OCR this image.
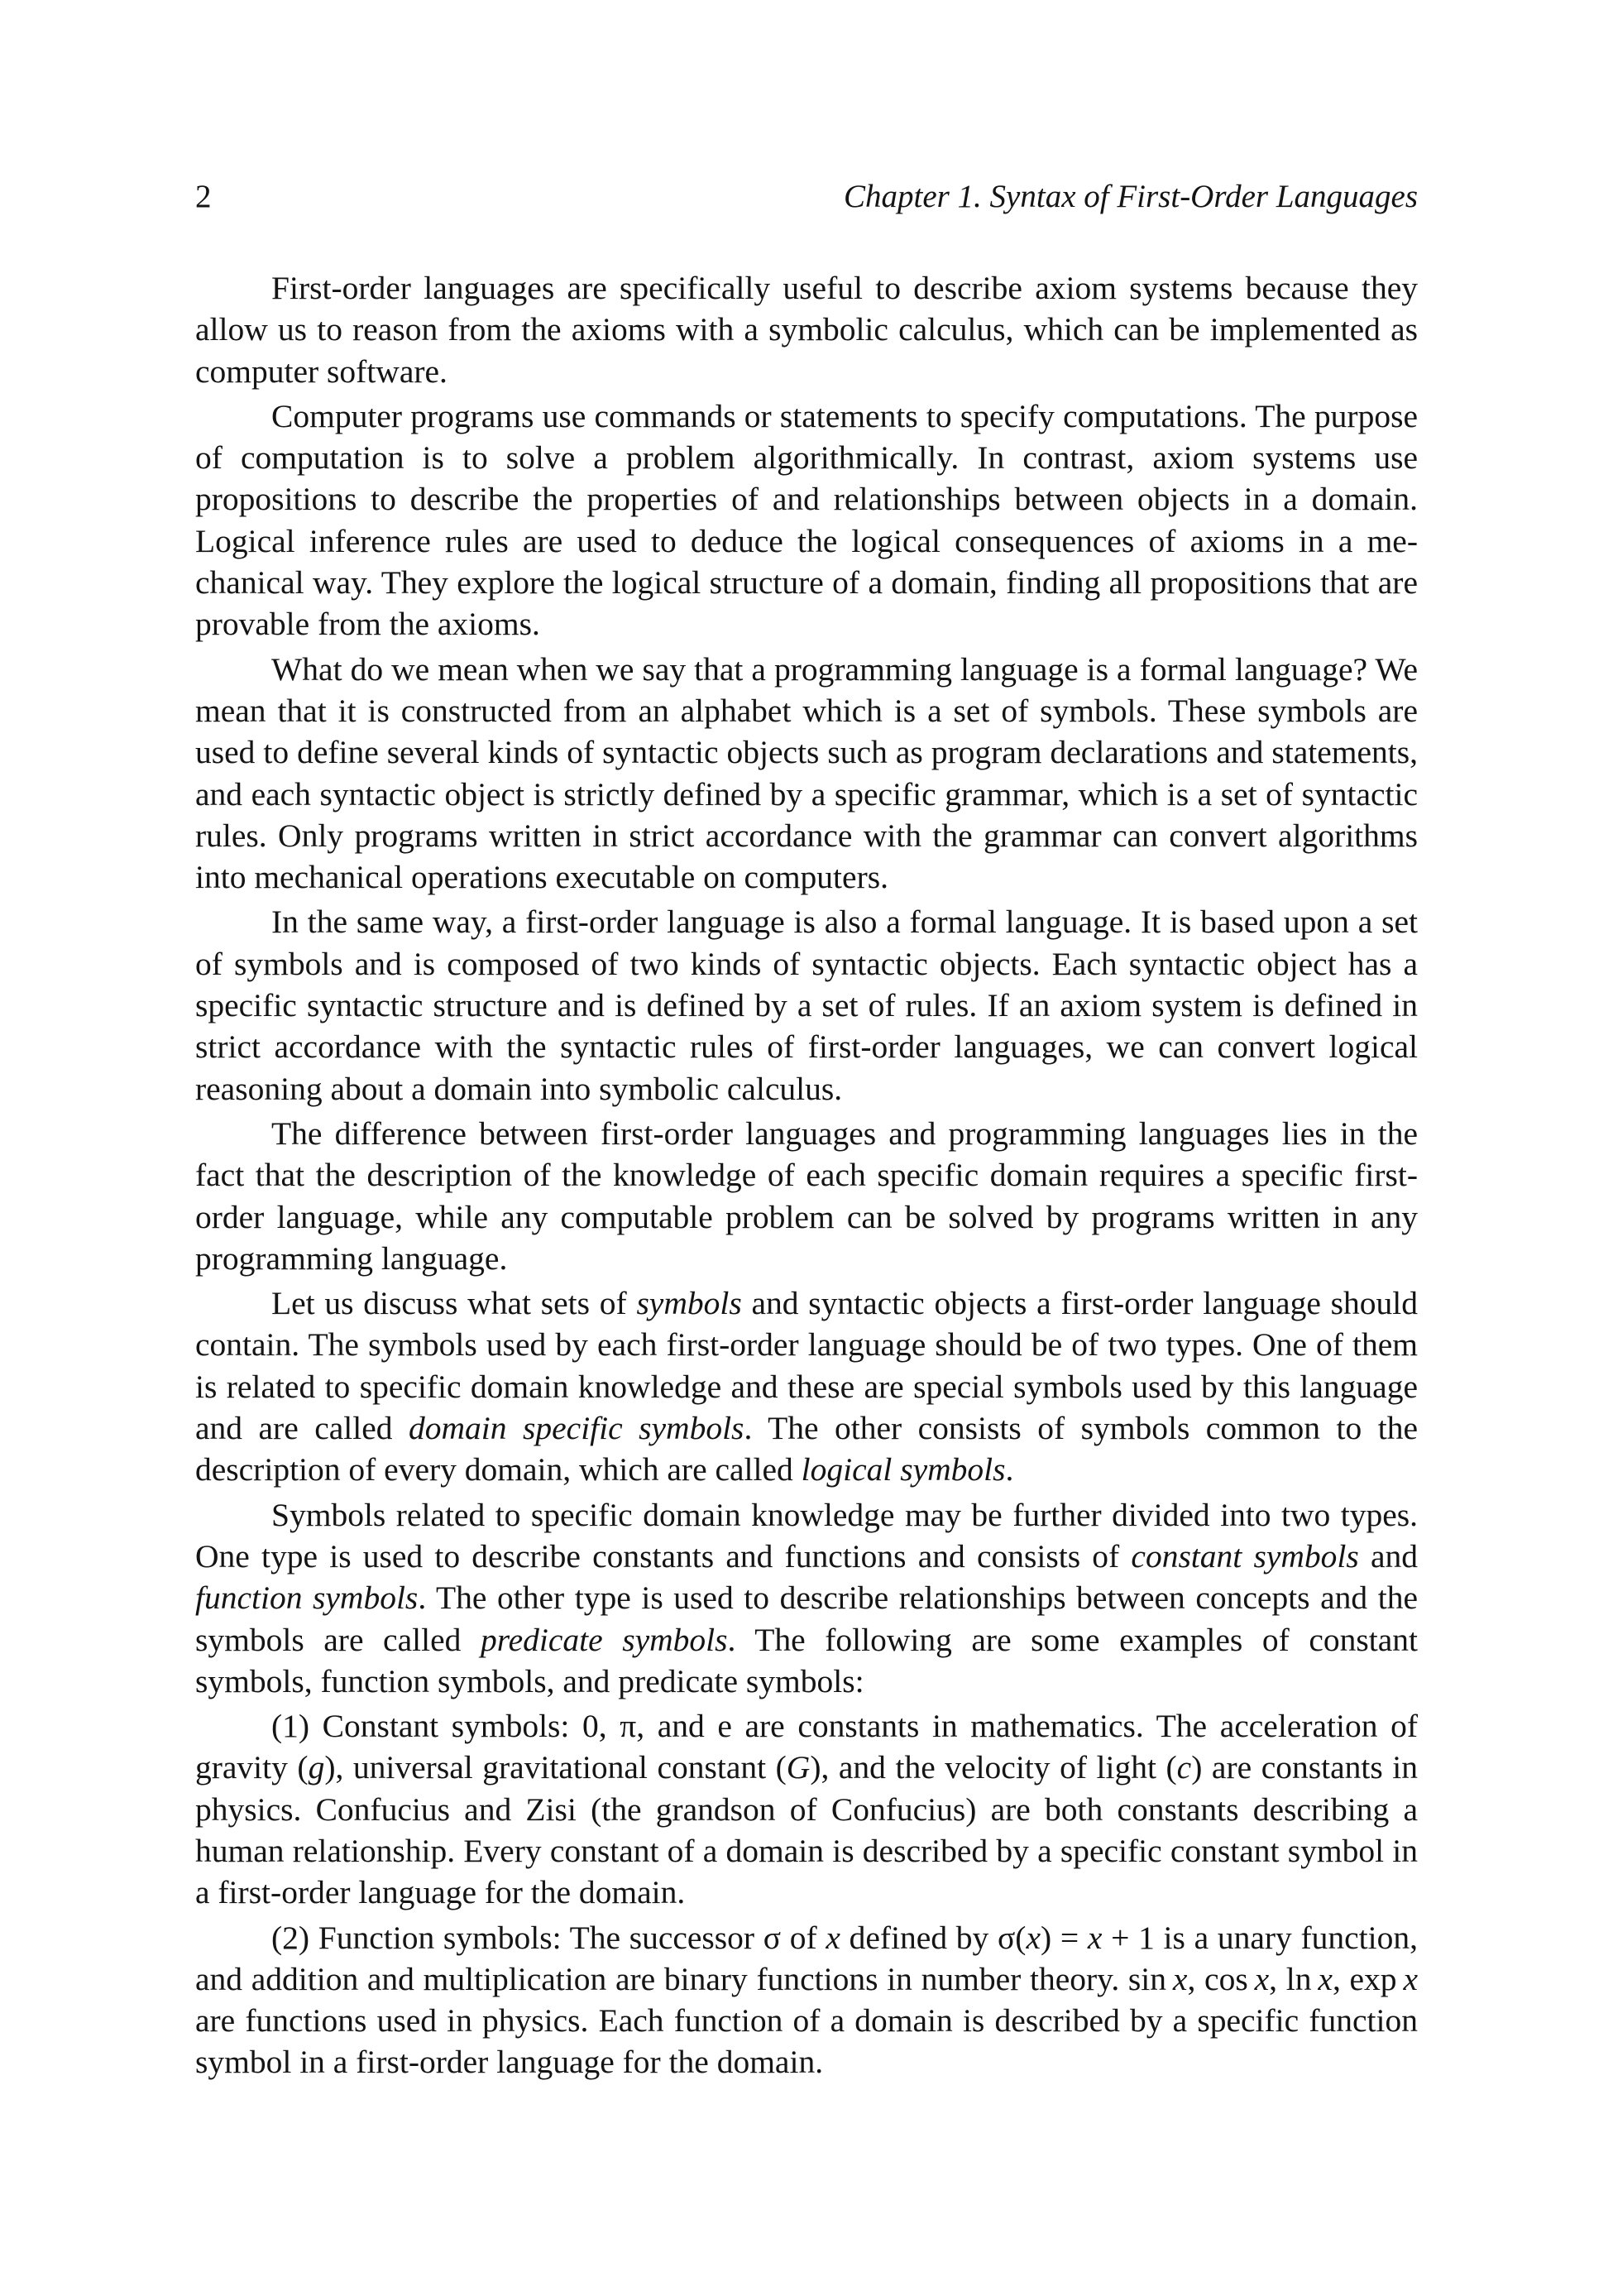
2	Chapter 1. Syntax of First-Order Languages

First-order languages are specifically useful to describe axiom systems because they allow us to reason from the axioms with a symbolic calculus, which can be implemented as computer software.

Computer programs use commands or statements to specify computations. The purpose of computation is to solve a problem algorithmically. In contrast, axiom systems use propositions to describe the properties of and relationships between objects in a domain. Logical inference rules are used to deduce the logical consequences of axioms in a mechanical way. They explore the logical structure of a domain, finding all propositions that are provable from the axioms.

What do we mean when we say that a programming language is a formal language? We mean that it is constructed from an alphabet which is a set of symbols. These symbols are used to define several kinds of syntactic objects such as program declarations and statements, and each syntactic object is strictly defined by a specific grammar, which is a set of syntactic rules. Only programs written in strict accordance with the grammar can convert algorithms into mechanical operations executable on computers.

In the same way, a first-order language is also a formal language. It is based upon a set of symbols and is composed of two kinds of syntactic objects. Each syntactic object has a specific syntactic structure and is defined by a set of rules. If an axiom system is defined in strict accordance with the syntactic rules of first-order languages, we can convert logical reasoning about a domain into symbolic calculus.

The difference between first-order languages and programming languages lies in the fact that the description of the knowledge of each specific domain requires a specific first-order language, while any computable problem can be solved by programs written in any programming language.

Let us discuss what sets of symbols and syntactic objects a first-order language should contain. The symbols used by each first-order language should be of two types. One of them is related to specific domain knowledge and these are special symbols used by this language and are called domain specific symbols. The other consists of symbols common to the description of every domain, which are called logical symbols.

Symbols related to specific domain knowledge may be further divided into two types. One type is used to describe constants and functions and consists of constant symbols and function symbols. The other type is used to describe relationships between concepts and the symbols are called predicate symbols. The following are some examples of constant symbols, function symbols, and predicate symbols:

(1) Constant symbols: 0, π, and e are constants in mathematics. The acceleration of gravity (g), universal gravitational constant (G), and the velocity of light (c) are constants in physics. Confucius and Zisi (the grandson of Confucius) are both constants describing a human relationship. Every constant of a domain is described by a specific constant symbol in a first-order language for the domain.

(2) Function symbols: The successor σ of x defined by σ(x) = x + 1 is a unary function, and addition and multiplication are binary functions in number theory. sin x, cos x, ln x, exp x are functions used in physics. Each function of a domain is described by a specific function symbol in a first-order language for the domain.
